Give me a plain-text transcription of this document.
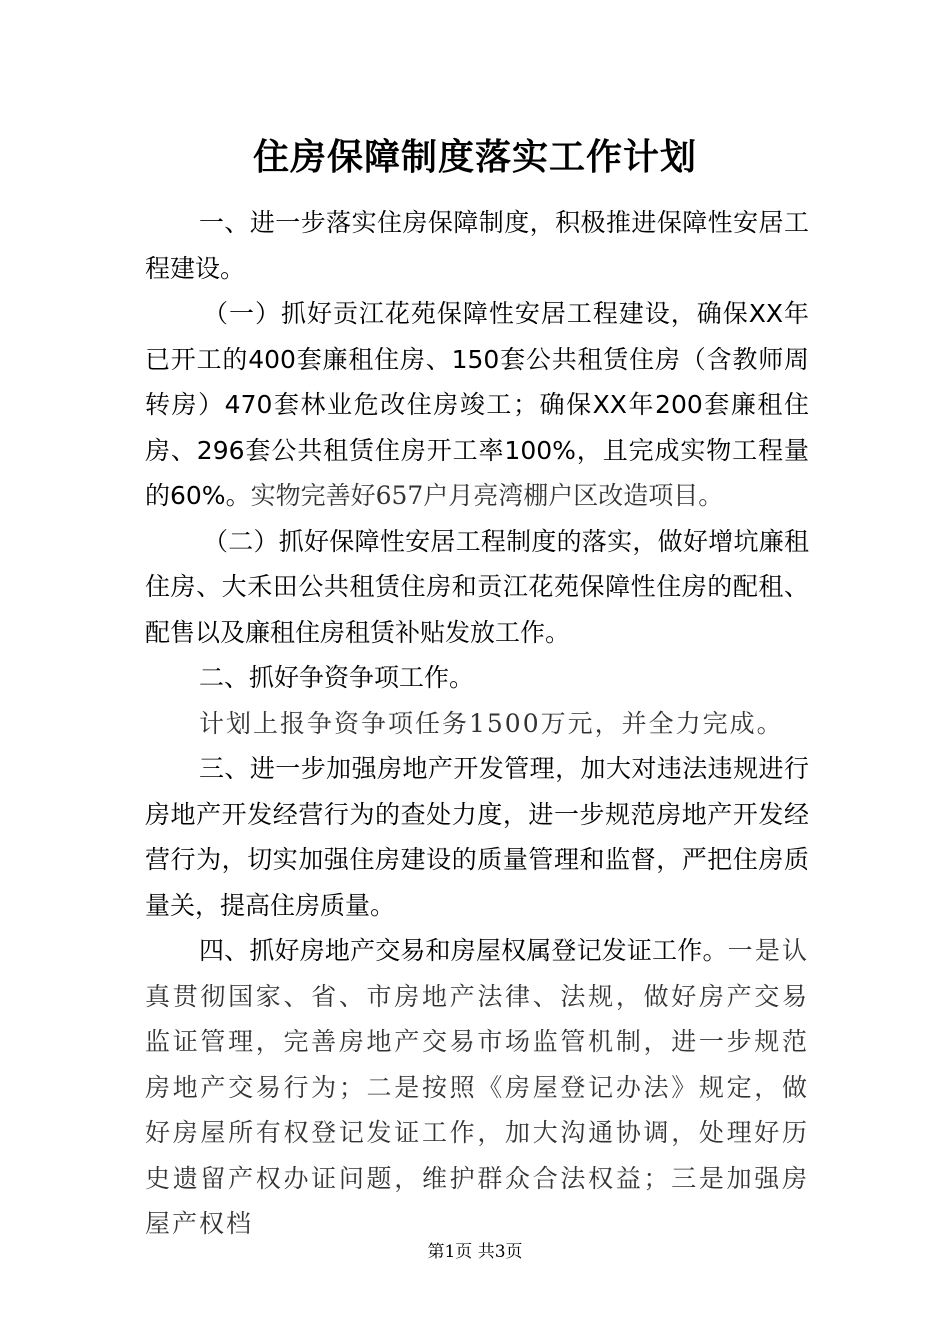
住房保障制度落实工作计划

一、进一步落实住房保障制度，积极推进保障性安居工程建设。

（一）抓好贡江花苑保障性安居工程建设，确保XX年已开工的400套廉租住房、150套公共租赁住房（含教师周转房）470套林业危改住房竣工；确保XX年200套廉租住房、296套公共租赁住房开工率100%，且完成实物工程量的60%。实物完善好657户月亮湾棚户区改造项目。

（二）抓好保障性安居工程制度的落实，做好增坑廉租住房、大禾田公共租赁住房和贡江花苑保障性住房的配租、配售以及廉租住房租赁补贴发放工作。

二、抓好争资争项工作。

计划上报争资争项任务1500万元，并全力完成。

三、进一步加强房地产开发管理，加大对违法违规进行房地产开发经营行为的查处力度，进一步规范房地产开发经营行为，切实加强住房建设的质量管理和监督，严把住房质量关，提高住房质量。

四、抓好房地产交易和房屋权属登记发证工作。一是认真贯彻国家、省、市房地产法律、法规，做好房产交易监证管理，完善房地产交易市场监管机制，进一步规范房地产交易行为；二是按照《房屋登记办法》规定，做好房屋所有权登记发证工作，加大沟通协调，处理好历史遗留产权办证问题，维护群众合法权益；三是加强房屋产权档

第1页 共3页
